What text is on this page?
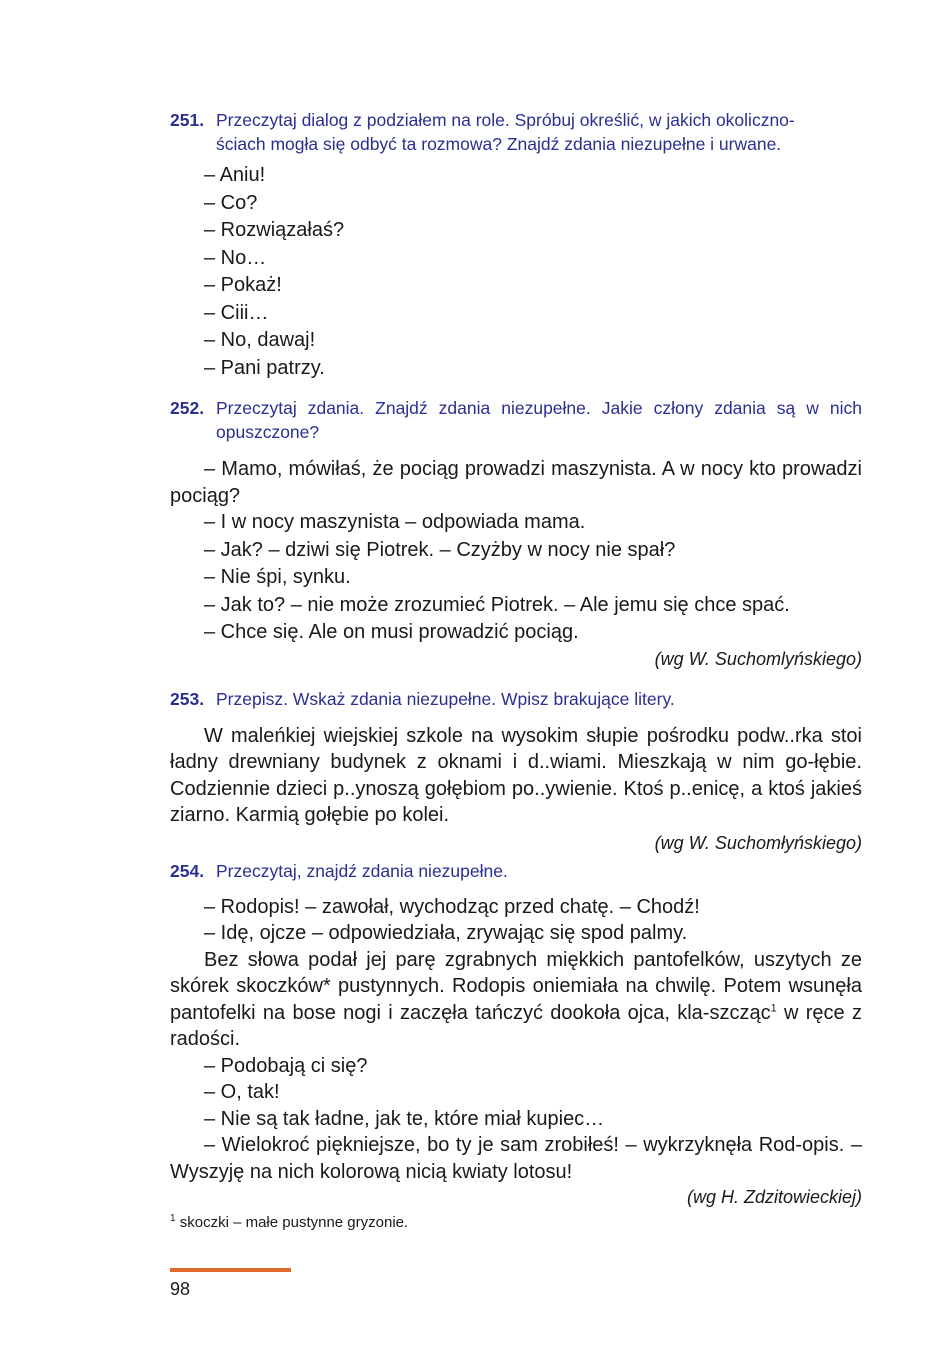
251. Przeczytaj dialog z podziałem na role. Spróbuj określić, w jakich okoliczno-
ściach mogła się odbyć ta rozmowa? Znajdź zdania niezupełne i urwane.
– Aniu!
– Co?
– Rozwiązałaś?
– No…
– Pokaż!
– Ciii…
– No, dawaj!
– Pani patrzy.
252. Przeczytaj zdania. Znajdź zdania niezupełne. Jakie człony zdania są w nich opuszczone?

– Mamo, mówiłaś, że pociąg prowadzi maszynista. A w nocy kto prowadzi pociąg?

– I w nocy maszynista – odpowiada mama.
– Jak? – dziwi się Piotrek. – Czyżby w nocy nie spał?
– Nie śpi, synku.
– Jak to? – nie może zrozumieć Piotrek. – Ale jemu się chce spać.
– Chce się. Ale on musi prowadzić pociąg.

(wg W. Suchomlyńskiego)

253. Przepisz. Wskaż zdania niezupełne. Wpisz brakujące litery.

W maleńkiej wiejskiej szkole na wysokim słupie pośrodku podw..rka stoi ładny drewniany budynek z oknami i d..wiami. Mieszkają w nim go-łębie. Codziennie dzieci p..ynoszą gołębiom po..ywienie. Ktoś p..enicę, a ktoś jakieś ziarno. Karmią gołębie po kolei.

(wg W. Suchomłyńskiego)

254. Przeczytaj, znajdź zdania niezupełne.
– Rodopis! – zawołał, wychodząc przed chatę. – Chodź!
– Idę, ojcze – odpowiedziała, zrywając się spod palmy.

Bez słowa podał jej parę zgrabnych miękkich pantofelków, uszytych ze skórek skoczków* pustynnych. Rodopis oniemiała na chwilę. Potem wsunęła pantofelki na bose nogi i zaczęła tańczyć dookoła ojca, kla-szcząc$^1$ w ręce z radości.

– Podobają ci się?
– O, tak!
– Nie są tak ładne, jak te, które miał kupiec…

– Wielokroć piękniejsze, bo ty je sam zrobiłeś! – wykrzyknęła Rod-opis. – Wyszyję na nich kolorową nicią kwiaty lotosu!

(wg H. Zdzitowieckiej)

$^1$ skoczki – małe pustynne gryzonie.

98
